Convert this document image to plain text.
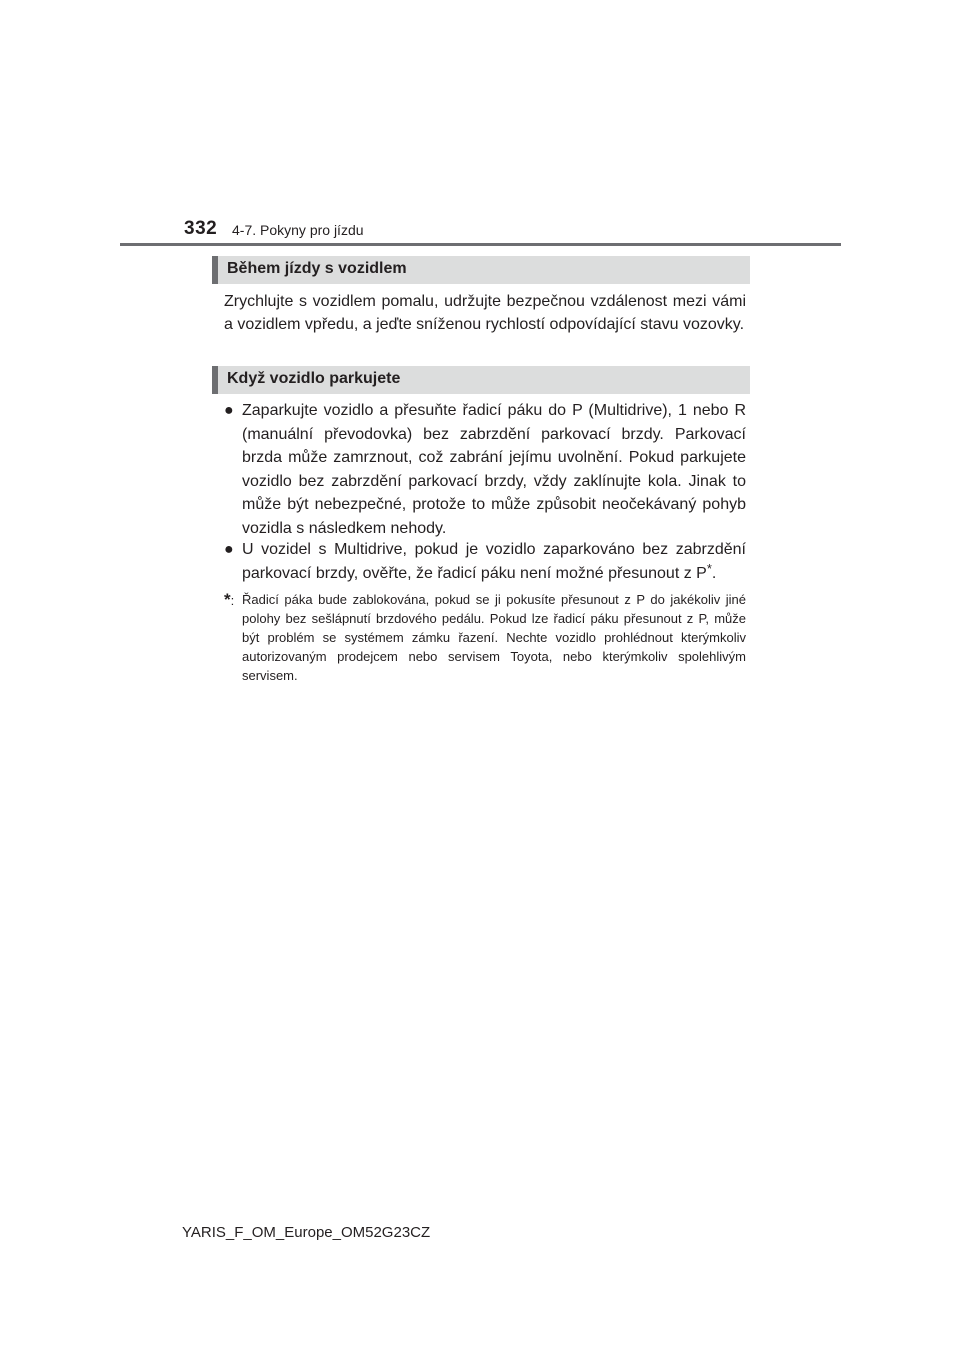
332 4-7. Pokyny pro jízdu
Během jízdy s vozidlem

Zrychlujte s vozidlem pomalu, udržujte bezpečnou vzdálenost mezi vámi a vozidlem vpředu, a jeďte sníženou rychlostí odpovídající stavu vozovky.

Když vozidlo parkujete
● Zaparkujte vozidlo a přesuňte řadicí páku do P (Multidrive), 1 nebo R (manuální převodovka) bez zabrzdění parkovací brzdy. Parkovací brzda může zamrznout, což zabrání jejímu uvolnění. Pokud parkujete vozidlo bez zabrzdění parkovací brzdy, vždy zaklínujte kola. Jinak to může být nebezpečné, protože to může způsobit neočekávaný pohyb vozidla s následkem nehody.

● U vozidel s Multidrive, pokud je vozidlo zaparkováno bez zabrzdění parkovací brzdy, ověřte, že řadicí páku není možné přesunout z P*.

*: Řadicí páka bude zablokována, pokud se ji pokusíte přesunout z P do jakékoliv jiné polohy bez sešlápnutí brzdového pedálu. Pokud lze řadicí páku přesunout z P, může být problém se systémem zámku řazení. Nechte vozidlo prohlédnout kterýmkoliv autorizovaným prodejcem nebo servisem Toyota, nebo kterýmkoliv spolehlivým servisem.

YARIS_F_OM_Europe_OM52G23CZ
